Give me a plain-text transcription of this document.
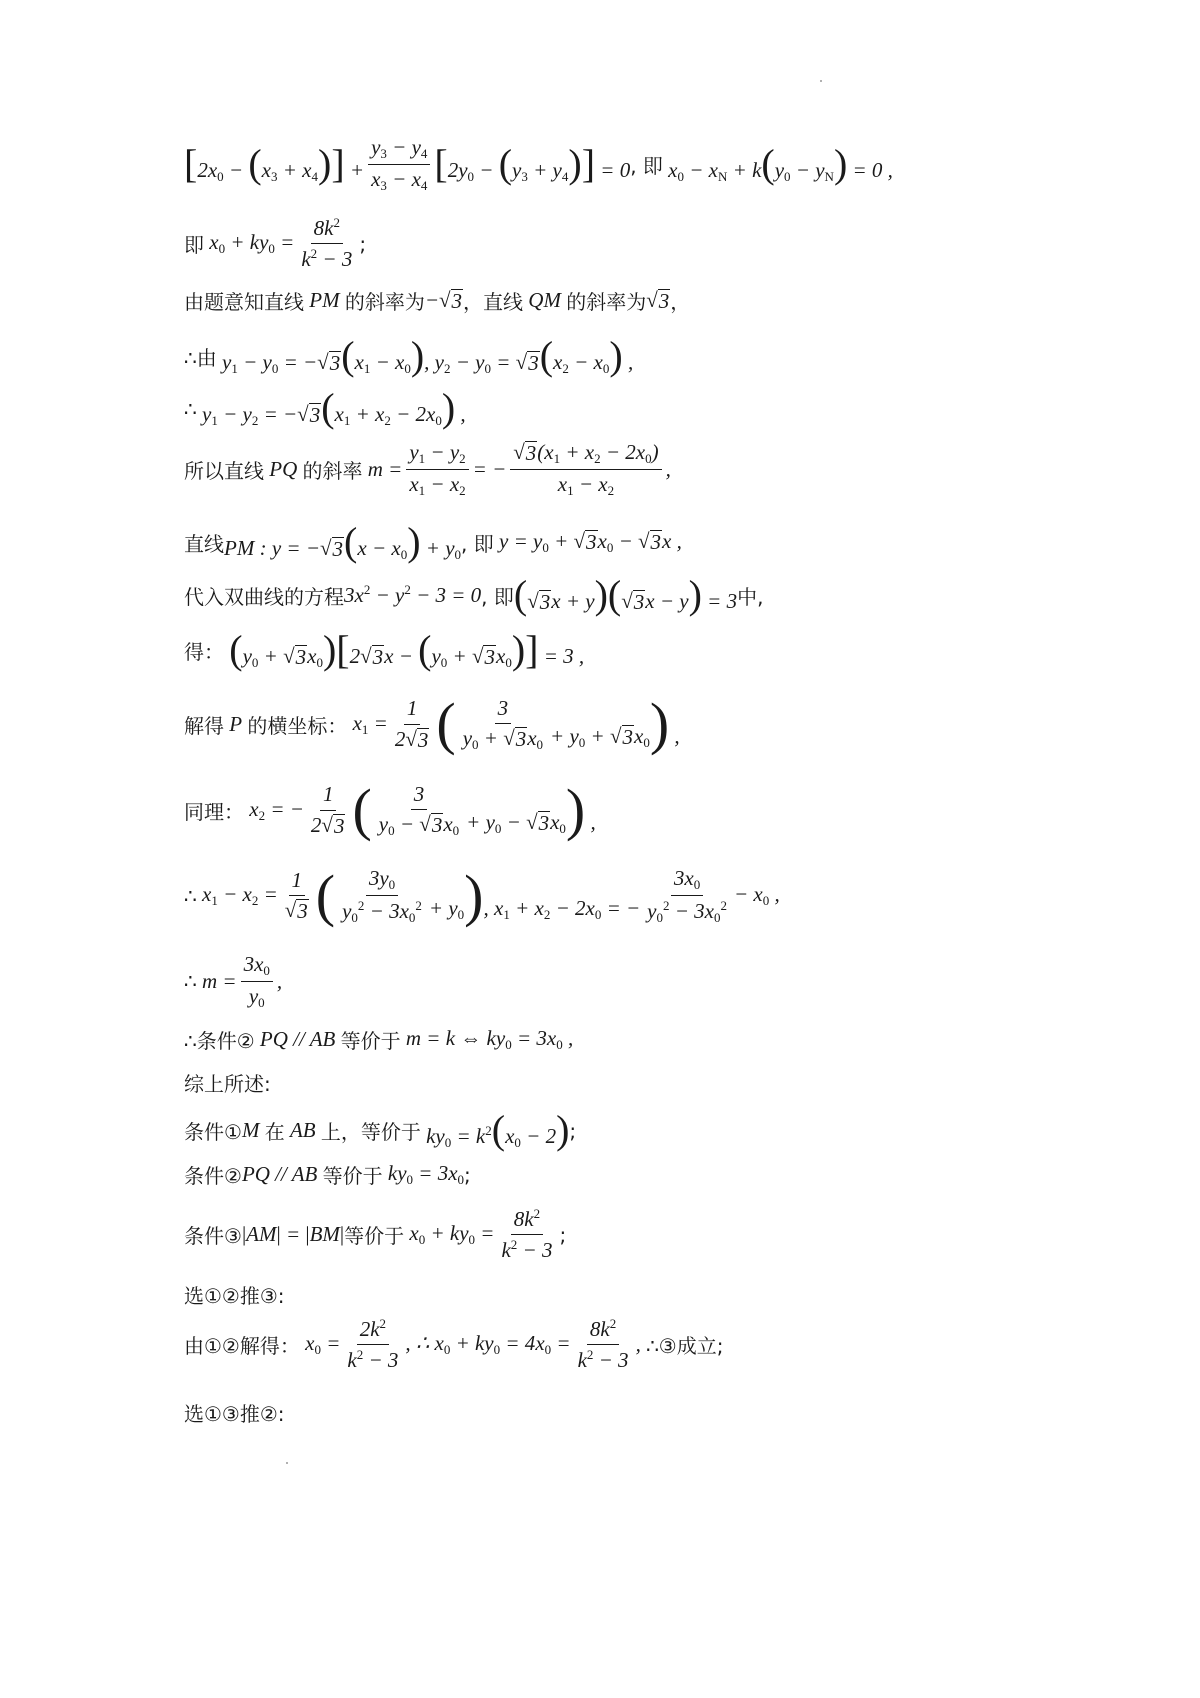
$[2x_0 - (x_3 + x_4)] + \frac{y_3 - y_4}{x_3 - x_4} [2y_0 - (y_3 + y_4)] = 0$ , 即 $x_0 - x_N + k(y_0 - y_N) = 0$ ,
即 $x_0 + ky_0 = \frac{8k^2}{k^2 - 3}$ ;
由题意知直线 PM 的斜率为 − √ 3 ，直线 QM 的斜率为 √ 3 ，
∴由 $y_1 - y_0$ = − √ 3 $(x_1 - x_0)$, $y_2 - y_0$ = √ 3 $(x_2 - x_0)$ ,
∴ $y_1 - y_2$ = − √ 3 $(x_1 + x_2 - 2x_0)$ ,
所以直线 PQ 的斜率 $m = \frac{y_1 - y_2}{x_1 - x_2}$ = − $\frac{√ 3 (x_1 + x_2 - 2x_0)}{x_1 - x_2}$ ,
直线 PM : y = − √ 3 $(x - x_0) + y_0$ , 即 $y = y_0$ + √ 3 $x_0$ − √ 3 x ,
代入双曲线的方程 $3x^2 - y^2 - 3 = 0$ , 即 ( √ 3 x + y)( √ 3 x − y) = 3 中,
得： ($y_0$ + √ 3 $x_0)[2$ √ 3 $x - (y_0$ + √ 3 $x_0)] = 3$ ,
解得 P 的横坐标： $x_1 = \frac{1}{2 √ 3}$ ( $\frac{3}{y_0 + √ 3 x_0} + y_0$ + √ 3 $x_0$) ,
同理： $x_2$ = − $\frac{1}{2 √ 3}$ ( $\frac{3}{y_0 - √ 3 x_0} + y_0$ − √ 3 $x_0$) ,
∴ $x_1 - x_2 = \frac{1}{√ 3}$ ( $\frac{3y_0}{y_0^2 - 3x_0^2} + y_0$), $x_1 + x_2 - 2x_0$ = − $\frac{3x_0}{y_0^2 - 3x_0^2} - x_0$ ,
∴ $m = \frac{3x_0}{y_0}$ ,
∴条件② PQ // AB 等价于 m = k ⇔ $ky_0 = 3x_0$ ,
综上所述:
条件① M 在 AB 上，等价于 $ky_0 = k^2(x_0 - 2)$ ;
条件② PQ // AB 等价于 $ky_0 = 3x_0$ ;
条件③ |AM| = |BM| 等价于 $x_0 + ky_0 = \frac{8k^2}{k^2 - 3}$ ;
选①②推③:
由①②解得： $x_0 = \frac{2k^2}{k^2 - 3}$ , ∴ $x_0 + ky_0 = 4x_0 = \frac{8k^2}{k^2 - 3}$ , ∴③成立;
选①③推②:
